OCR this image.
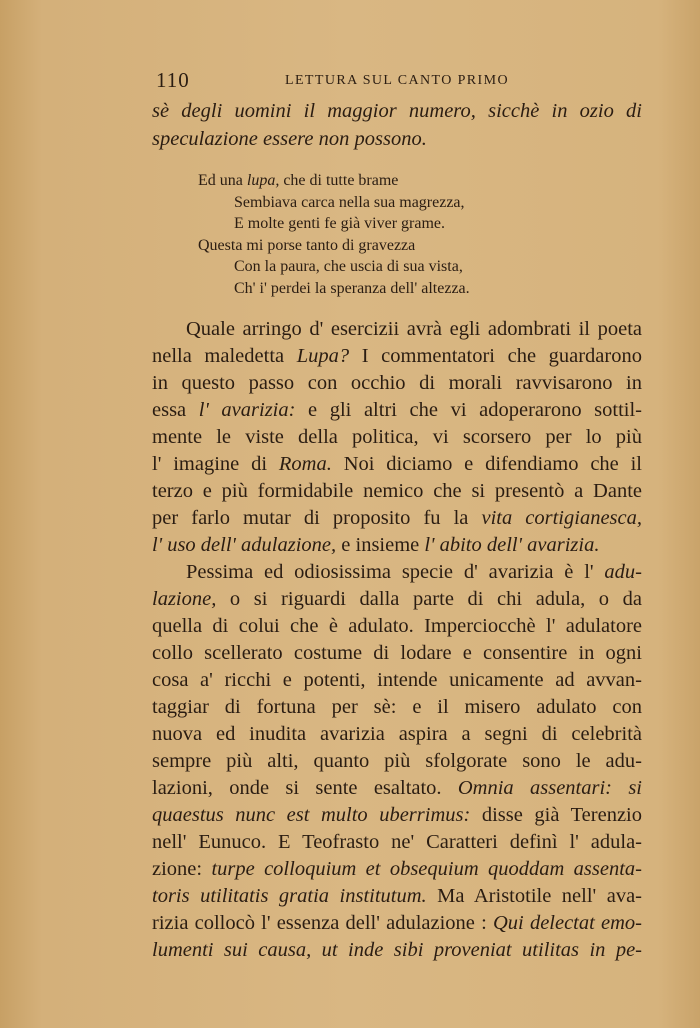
110	LETTURA SUL CANTO PRIMO
sè degli uomini il maggior numero, sicchè in ozio di
speculazione essere non possono.
Ed una lupa, che di tutte brame
Sembiava carca nella sua magrezza,
E molte genti fe già viver grame.
Questa mi porse tanto di gravezza
Con la paura, che uscia di sua vista,
Ch' i' perdei la speranza dell' altezza.
Quale arringo d' esercizii avrà egli adombrati il poeta
nella maledetta Lupa? I commentatori che guardarono
in questo passo con occhio di morali ravvisarono in
essa l' avarizia: e gli altri che vi adoperarono sottil-
mente le viste della politica, vi scorsero per lo più
l' imagine di Roma. Noi diciamo e difendiamo che il
terzo e più formidabile nemico che si presentò a Dante
per farlo mutar di proposito fu la vita cortigianesca,
l' uso dell' adulazione, e insieme l' abito dell' avarizia.
Pessima ed odiosissima specie d' avarizia è l' adu-
lazione, o si riguardi dalla parte di chi adula, o da
quella di colui che è adulato. Imperciocchè l' adulatore
collo scellerato costume di lodare e consentire in ogni
cosa a' ricchi e potenti, intende unicamente ad avvan-
taggiar di fortuna per sè: e il misero adulato con
nuova ed inudita avarizia aspira a segni di celebrità
sempre più alti, quanto più sfolgorate sono le adu-
lazioni, onde si sente esaltato. Omnia assentari: si
quaestus nunc est multo uberrimus: disse già Terenzio
nell' Eunuco. E Teofrasto ne' Caratteri definì l' adula-
zione: turpe colloquium et obsequium quoddam assenta-
toris utilitatis gratia institutum. Ma Aristotile nell' ava-
rizia collocò l' essenza dell' adulazione : Qui delectat emo-
lumenti sui causa, ut inde sibi proveniat utilitas in pe-
